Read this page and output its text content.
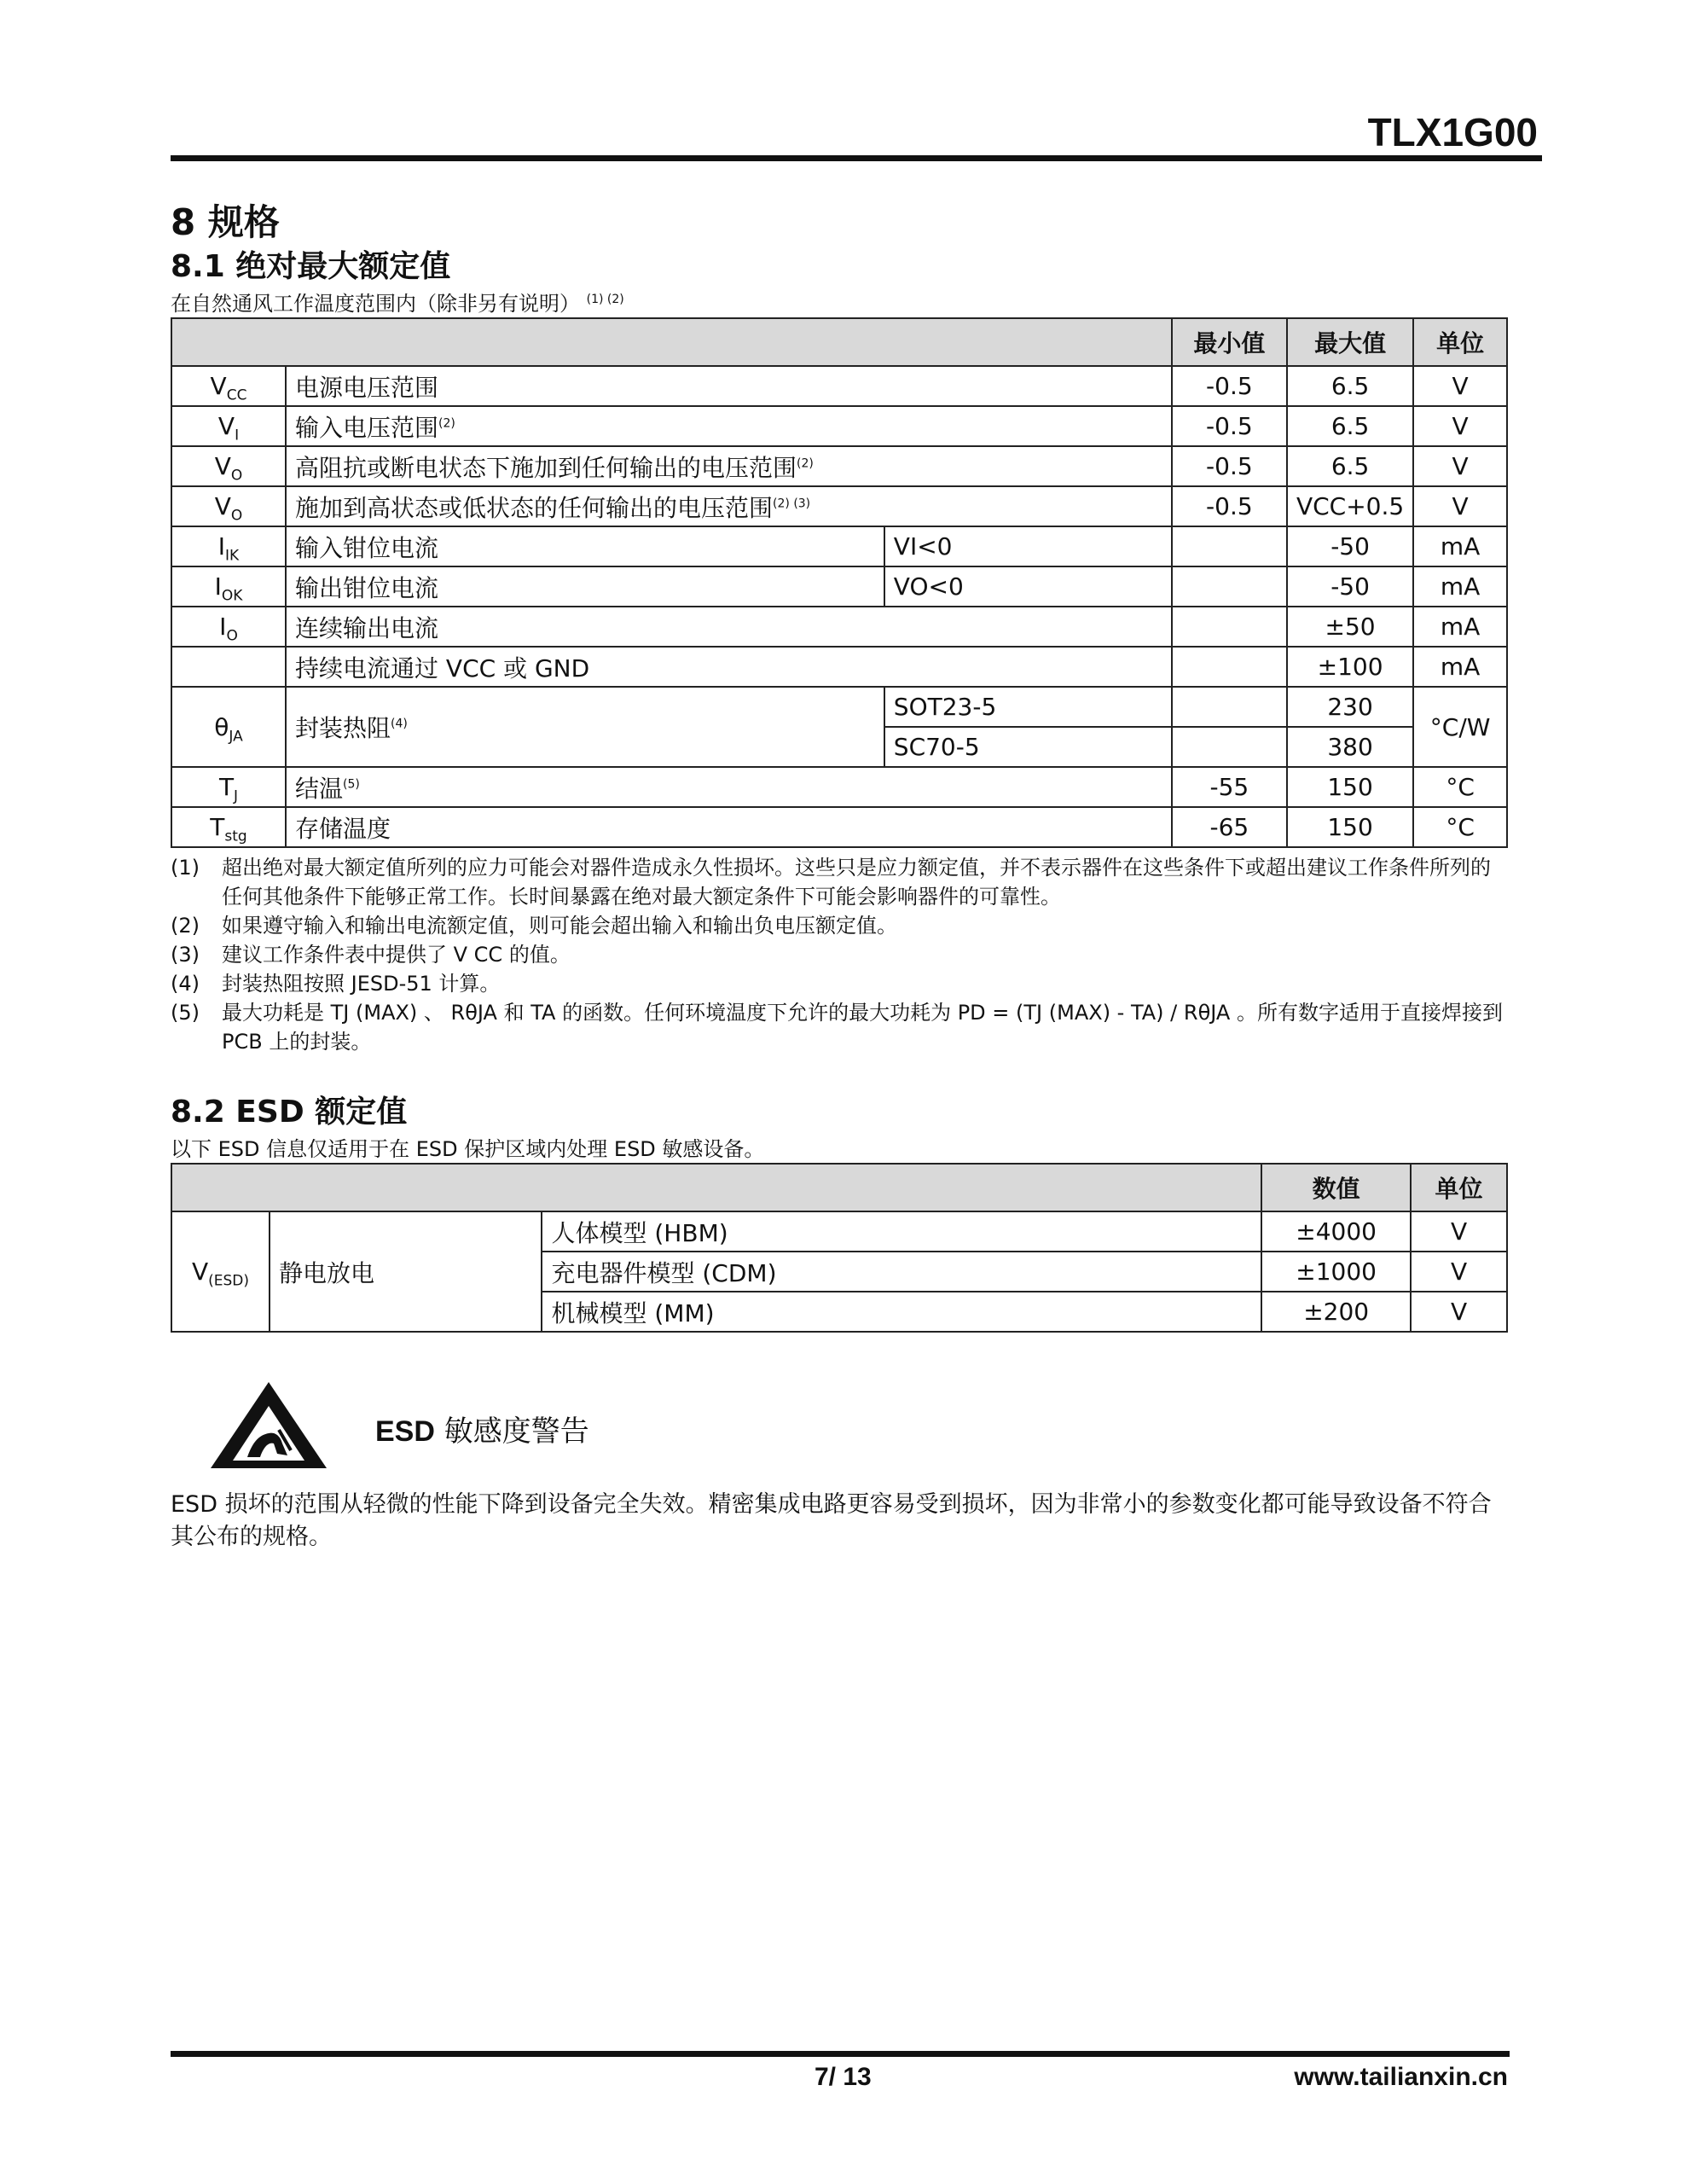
TLX1G00
8 规格
8.1 绝对最大额定值
在自然通风工作温度范围内（除非另有说明） $^{(1) (2)}$
			最小值	最大值	单位
$V_{CC}$	电源电压范围		-0.5	6.5	V
$V_I$	输入电压范围$^{(2)}$		-0.5	6.5	V
$V_O$	高阻抗或断电状态下施加到任何输出的电压范围$^{(2)}$		-0.5	6.5	V
$V_O$	施加到高状态或低状态的任何输出的电压范围$^{(2) (3)}$		-0.5	VCC+0.5	V
$I_{IK}$	输入钳位电流	VI<0		-50	mA
$I_{OK}$	输出钳位电流	VO<0		-50	mA
$I_O$	连续输出电流			±50	mA
	持续电流通过 VCC 或 GND			±100	mA
$\theta_{JA}$	封装热阻$^{(4)}$	SOT23-5		230	°C/W
		SC70-5		380	
$T_J$	结温$^{(5)}$		-55	150	°C
$T_{stg}$	存储温度		-65	150	°C
(1) 超出绝对最大额定值所列的应力可能会对器件造成永久性损坏。这些只是应力额定值，并不表示器件在这些条件下或超出建议工作条件所列的任何其他条件下能够正常工作。长时间暴露在绝对最大额定条件下可能会影响器件的可靠性。
(2) 如果遵守输入和输出电流额定值，则可能会超出输入和输出负电压额定值。
(3) 建议工作条件表中提供了 V CC 的值。
(4) 封装热阻按照 JESD-51 计算。
(5) 最大功耗是 TJ (MAX) 、 RθJA 和 TA 的函数。任何环境温度下允许的最大功耗为 PD = (TJ (MAX) - TA) / RθJA 。所有数字适用于直接焊接到 PCB 上的封装。
8.2 ESD 额定值
以下 ESD 信息仅适用于在 ESD 保护区域内处理 ESD 敏感设备。
			数值	单位
$V_{(ESD)}$	静电放电	人体模型 (HBM)	±4000	V
		充电器件模型 (CDM)	±1000	V
		机械模型 (MM)	±200	V
ESD 敏感度警告
ESD 损坏的范围从轻微的性能下降到设备完全失效。精密集成电路更容易受到损坏，因为非常小的参数变化都可能导致设备不符合其公布的规格。
7/ 13	www.tailianxin.cn
